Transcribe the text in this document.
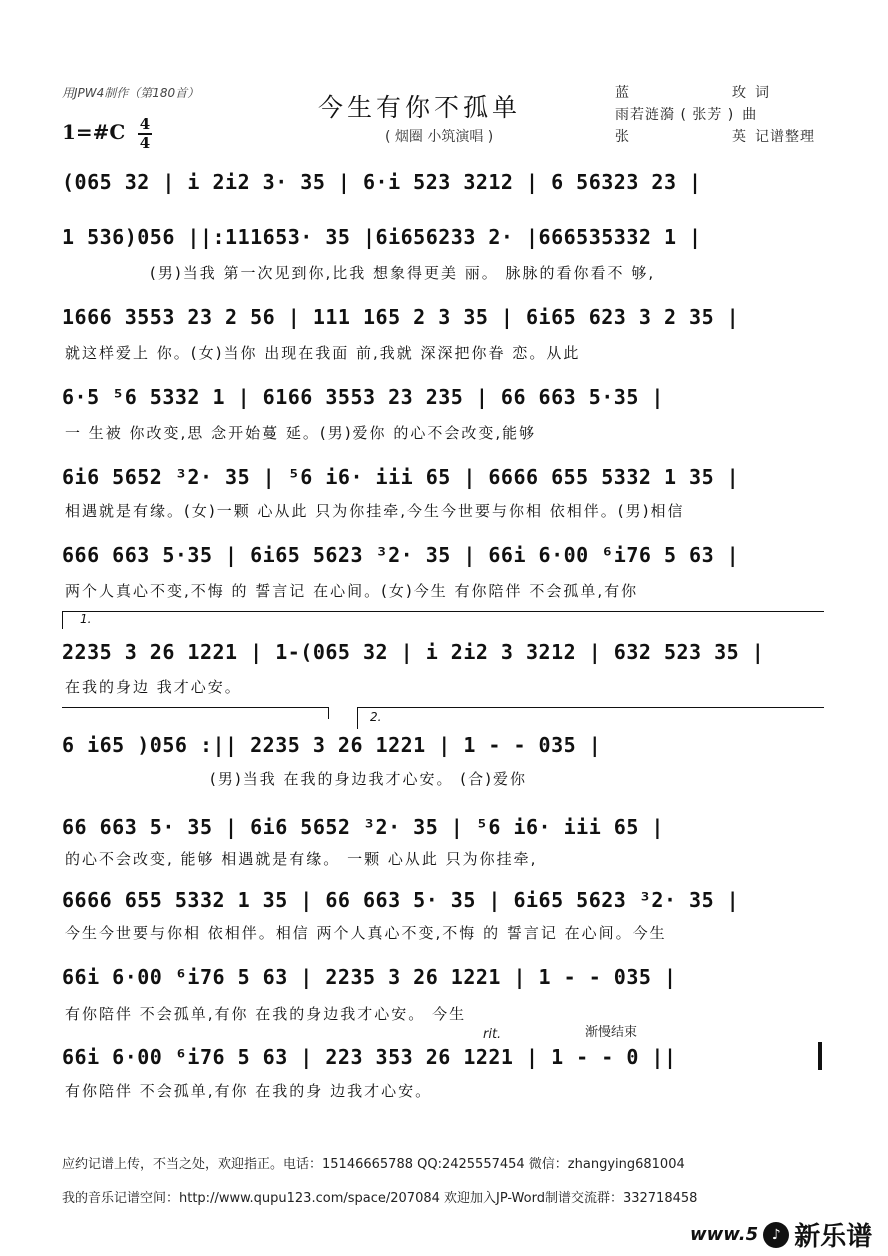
用JPW4制作（第180首）	今生有你不孤单
( 烟圈 小筑演唱 )
1=#C 4
4
蓝	玫 词
雨若涟漪 ( 张芳 ) 曲
张	英 记谱整理
(065 32 | i 2i2 3· 35 | 6·i 523 3212 | 6 56323 23 |
1 536)056 ||:111653· 35 |6i656233 2· |666535332 1 |
(男)当我 第一次见到你,比我 想象得更美 丽。 脉脉的看你看不 够,
1666 3553 23 2 56 | 111 165 2 3 35 | 6i65 623 3 2 35 |
就这样爱上 你。(女)当你 出现在我面 前,我就 深深把你眷 恋。从此
6·5 ⁵6 5332 1 | 6166 3553 23 235 | 66 663 5·35 |
一 生被 你改变,思 念开始蔓 延。(男)爱你 的心不会改变,能够
6i6 5652 ³2· 35 | ⁵6 i6· iii 65 | 6666 655 5332 1 35 |
相遇就是有缘。(女)一颗 心从此 只为你挂牵,今生今世要与你相 依相伴。(男)相信
666 663 5·35 | 6i65 5623 ³2· 35 | 66i 6·00 ⁶i76 5 63 |
两个人真心不变,不悔 的 誓言记 在心间。(女)今生 有你陪伴 不会孤单,有你
1.
2235 3 26 1221 | 1-(065 32 | i 2i2 3 3212 | 632 523 35 |
在我的身边 我才心安。
2.
6 i65 )056 :|| 2235 3 26 1221 | 1 - - 035 |
(男)当我 在我的身边我才心安。 (合)爱你
66 663 5· 35 | 6i6 5652 ³2· 35 | ⁵6 i6· iii 65 |
的心不会改变, 能够 相遇就是有缘。 一颗 心从此 只为你挂牵,
6666 655 5332 1 35 | 66 663 5· 35 | 6i65 5623 ³2· 35 |
今生今世要与你相 依相伴。相信 两个人真心不变,不悔 的 誓言记 在心间。今生
66i 6·00 ⁶i76 5 63 | 2235 3 26 1221 | 1 - - 035 |
有你陪伴 不会孤单,有你 在我的身边我才心安。 今生
rit.	渐慢结束
66i 6·00 ⁶i76 5 63 | 223 353 26 1221 | 1 - - 0 ||
有你陪伴 不会孤单,有你 在我的身 边我才心安。
应约记谱上传，不当之处，欢迎指正。电话：15146665788 QQ:2425557454 微信：zhangying681004
我的音乐记谱空间：http://www.qupu123.com/space/207084 欢迎加入JP-Word制谱交流群：332718458
www.5 ♪ 新乐谱
